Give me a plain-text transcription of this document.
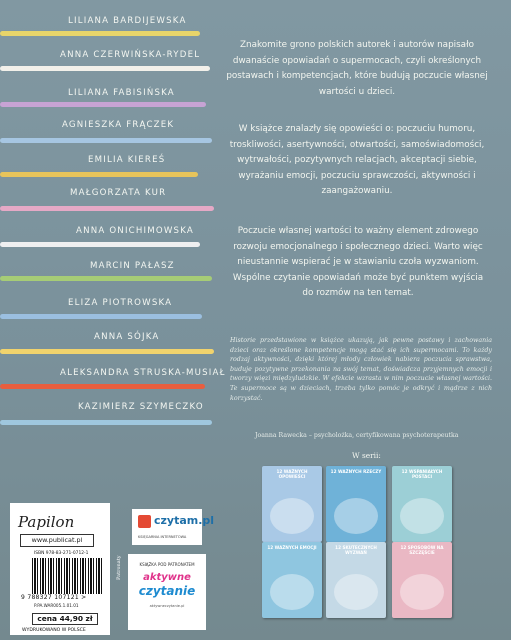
LILIANA BARDIJEWSKA
ANNA CZERWIŃSKA-RYDEL
LILIANA FABISIŃSKA
AGNIESZKA FRĄCZEK
EMILIA KIEREŚ
MAŁGORZATA KUR
ANNA ONICHIMOWSKA
MARCIN PAŁASZ
ELIZA PIOTROWSKA
ANNA SÓJKA
ALEKSANDRA STRUSKA-MUSIAŁ
KAZIMIERZ SZYMECZKO
Znakomite grono polskich autorek i autorów napisało dwanaście opowiadań o supermocach, czyli określonych postawach i kompetencjach, które budują poczucie własnej wartości u dzieci.
W książce znalazły się opowieści o: poczuciu humoru, troskliwości, asertywności, otwartości, samoświadomości, wytrwałości, pozytywnych relacjach, akceptacji siebie, wyrażaniu emocji, poczuciu sprawczości, aktywności i zaangażowaniu.
Poczucie własnej wartości to ważny element zdrowego rozwoju emocjonalnego i społecznego dzieci. Warto więc nieustannie wspierać je w stawianiu czoła wyzwaniom. Wspólne czytanie opowiadań może być punktem wyjścia do rozmów na ten temat.
Historie przedstawione w książce ukazują, jak pewne postawy i zachowania dzieci oraz określone kompetencje mogą stać się ich supermocami. To każdy rodzaj aktywności, dzięki której młody człowiek nabiera poczucia sprawstwa, buduje pozytywne przekonania na swój temat, doświadcza przyjemnych emocji i tworzy więzi międzyludzkie. W efekcie wzrasta w nim poczucie własnej wartości. Te supermoce są w dzieciach, trzeba tylko pomóc je odkryć i mądrze z nich korzystać.
Joanna Rawecka – psycholożka, certyfikowana psychoterapeutka
W serii:
12 WAŻNYCH OPOWIEŚCI
12 WAŻNYCH RZECZY	12 WSPANIAŁYCH POSTACI
12 WAŻNYCH EMOCJI	12 SKUTECZNYCH WYZWAŃ
12 SPOSOBÓW NA SZCZĘŚCIE
Papilon
www.publicat.pl
ISBN 978-83-271-0712-1
9 788327 107121 >
P.PA.WAR005.1.01.01
cena 44,90 zł
WYDRUKOWANO W POLSCE
Patronaty
czytam.pl
KSIĘGARNIA INTERNETOWA
KSIĄŻKA POD PATRONATEM
aktywne
czytanie
aktywneczytanie.pl
